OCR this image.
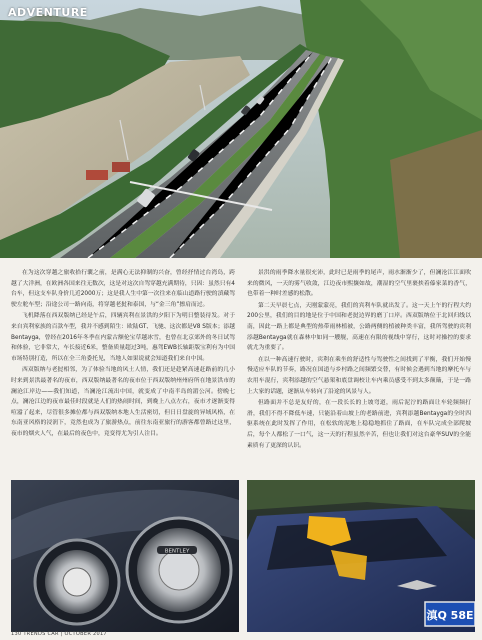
ADVENTURE

在为这次穿越之旅收拾行囊之前，是满心无法抑制的兴奋，曾经抒情过台湾岛，跨越了大洋洲，在欧洲各国来往无数次，这是对这次自驾穿越充满期待，只因：虽然只有4台车，但这支车队身价几近2000万；这是我人生中第一次往来在临山道路行驶的滇藏驾驶左舵车型；沿途公司一路向南，将穿越老挝和泰国，与“金三角”擦肩而过。

飞机降落在西双版纳已经是午后，四辆宾利在景洪的夕阳下为明日整装待发。对于来自宾利家族的百款车型，我并不感到陌生：欧陆GT、飞驰、这次都是V8 S版本；添越Bentayga，曾经在2016年冬季在内蒙古额伦宝草越冰雪，也曾在北京郊外的冬日试驾和体验，它非常大，车长接近6米，整备质量超过3吨，惠驾EWB长轴距版宝利有为中国市场特别打造，所以在全三角委托见，当地人如果说就会知道我们来自中国。

西双版纳与老挝相邻，为了体验当地的风土人情，我们还是趁紧高速赶路前的几小时来到景洪最著名的夜市，西双版纳最著名的夜市位于西双版纳州州府所在地景洪市的澜沧江岸边——我们知道，当澜沧江流出中国，就变成了中南半岛的湄公河。傍晚七点，澜沧江边的夜市最佳时段就是人们的热闹时间，到晚上八点左右，夜市才逐渐变得喧嚣了起来，尽管很多摊位都与西双版纳本地人生活密切，但日日盘旋的异域风格，在东南亚风格的浸润下，竟然也成为了旅游热点，前往东南亚旅行的游客都曾路过这里，夜市的烟火人气，在最后的夜色中，竟变得尤为引人注目。

景洪的雨季降水量很充沛，此时已是雨季的尾声，雨水渐渐少了，但澜沧江江面吹来的微风，一天的雾气收敛，江边夜市熙攘如故，潮湿的空气里裹挟着傣家菜的香气，也带着一种时差感的松散。

第二天早晨七点，天刚蒙蒙亮，我们的宾利车队就出发了。这一天上午的行程大约200公里，我们的目的地是位于中国和老挝边界的磨丁口岸。西双版纳位于北回归线以南，因此一路上都是典型的热带雨林植被，公路两侧的植被种类丰富，我所驾驶的宾利添越Bentayga就在森林中如同一艘舰，高速在有限的视线中穿行，这时对操控的要求就尤为重要了。

在以一种高速行驶时，宾利在乘坐的舒适性与驾驶性之间找到了平衡，我们开始慢慢适应车队的节奏，路况在国道与乡村路之间频繁交替，有时候会遇到当地的摩托车与农用车混行，宾利添越的空气悬架和底盘调校让车内乘员感受不到太多颠簸，于是一路上大家的话题，逐渐从车转向了沿途的风景与人。

但路面并不总是友好的，在一段长长的上坡弯道，雨后泥泞的路面让车轮频频打滑，我们不得不降低车速，只能沿着山坡上的老路前进，宾利添越Bentayga的全时四驱系统在此时发挥了作用，在松软的泥地上稳稳地抓住了路面，在车队完成全部爬坡后，每个人都松了一口气，这一天的行程虽然辛苦，但也让我们对这台豪华SUV的全能素质有了更深的认识。

BENTLEY
滇Q 58E
130 TRENDS CAR | OCTOBER 2017
